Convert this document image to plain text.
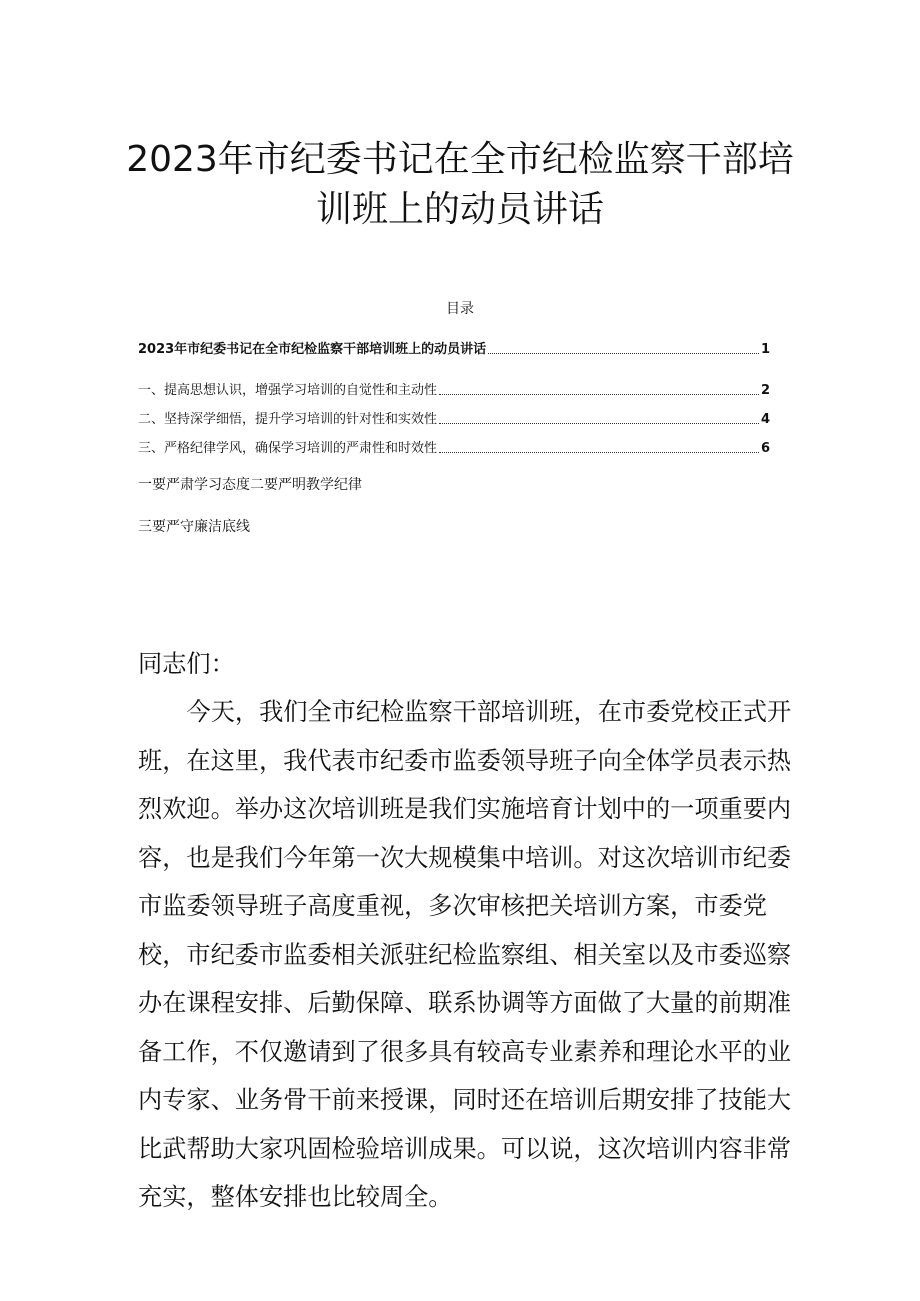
2023年市纪委书记在全市纪检监察干部培
训班上的动员讲话
目录
2023年市纪委书记在全市纪检监察干部培训班上的动员讲话	1
一、提高思想认识，增强学习培训的自觉性和主动性	2
二、坚持深学细悟，提升学习培训的针对性和实效性	4
三、严格纪律学风，确保学习培训的严肃性和时效性	6
一要严肃学习态度二要严明教学纪律
三要严守廉洁底线
同志们：
今天，我们全市纪检监察干部培训班，在市委党校正式开班，在这里，我代表市纪委市监委领导班子向全体学员表示热烈欢迎。举办这次培训班是我们实施培育计划中的一项重要内容，也是我们今年第一次大规模集中培训。对这次培训市纪委市监委领导班子高度重视，多次审核把关培训方案，市委党校，市纪委市监委相关派驻纪检监察组、相关室以及市委巡察办在课程安排、后勤保障、联系协调等方面做了大量的前期准备工作，不仅邀请到了很多具有较高专业素养和理论水平的业内专家、业务骨干前来授课，同时还在培训后期安排了技能大比武帮助大家巩固检验培训成果。可以说，这次培训内容非常充实，整体安排也比较周全。
